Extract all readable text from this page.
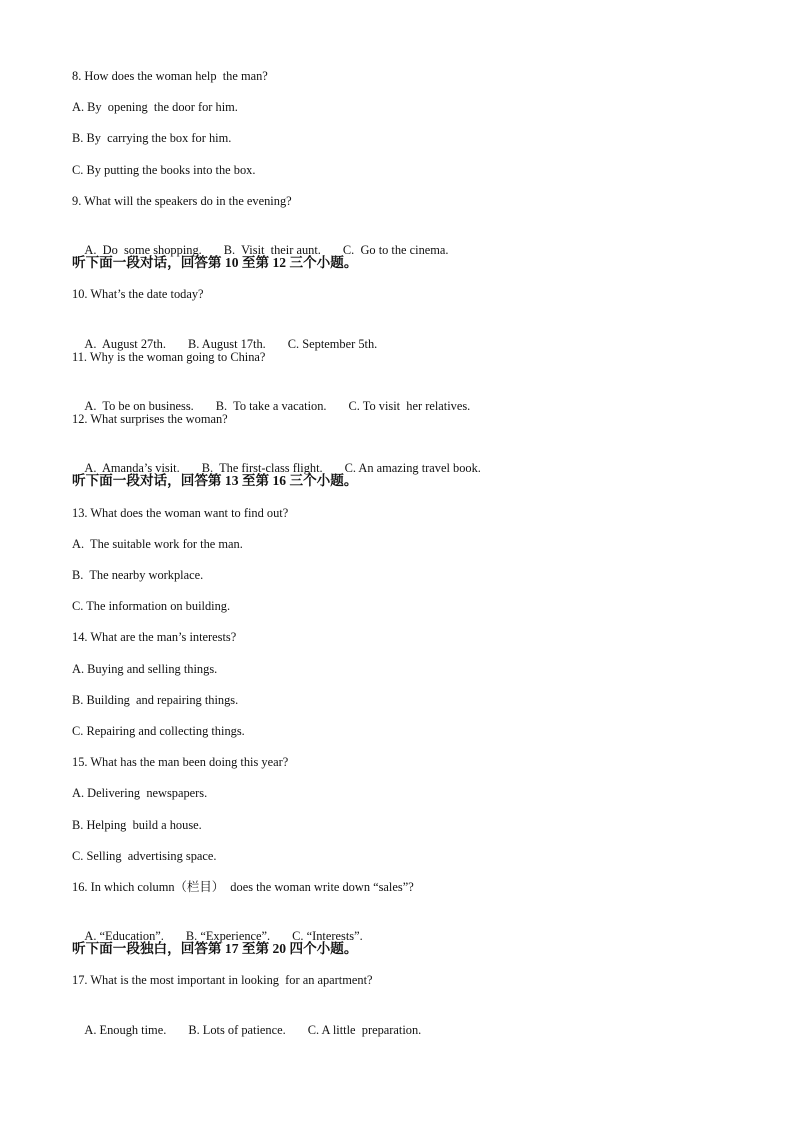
8. How does the woman help  the man?
A. By  opening  the door for him.
B. By  carrying the box for him.
C. By putting the books into the box.
9. What will the speakers do in the evening?

A.  Do  some shopping. B.  Visit  their aunt. C.  Go to the cinema.

听下面一段对话，回答第 10 至第 12 三个小题。
10. What’s the date today?

A.  August 27th. B. August 17th. C. September 5th.

11. Why is the woman going to China?

A.  To be on business. B.  To take a vacation. C. To visit  her relatives.

12. What surprises the woman?

A.  Amanda’s visit. B.  The first-class flight. C. An amazing travel book.

听下面一段对话，回答第 13 至第 16 三个小题。
13. What does the woman want to find out?
A.  The suitable work for the man.
B.  The nearby workplace.
C. The information on building.
14. What are the man’s interests?
A. Buying and selling things.
B. Building  and repairing things.
C. Repairing and collecting things.
15. What has the man been doing this year?
A. Delivering  newspapers.
B. Helping  build a house.
C. Selling  advertising space.
16. In which column（栏目）  does the woman write down “sales”?

A. “Education”. B. “Experience”. C. “Interests”.

听下面一段独白，回答第 17 至第 20 四个小题。
17. What is the most important in looking  for an apartment?

A. Enough time. B. Lots of patience. C. A little  preparation.
